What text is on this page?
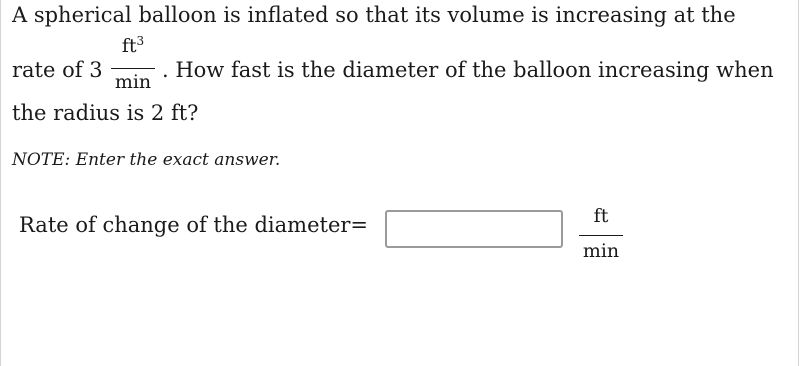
A spherical balloon is inflated so that its volume is increasing at the
rate of 3
$ft^3$
min . How fast is the diameter of the balloon increasing when
the radius is 2 ft?
NOTE: Enter the exact answer.
Rate of change of the diameter=	ft
min
